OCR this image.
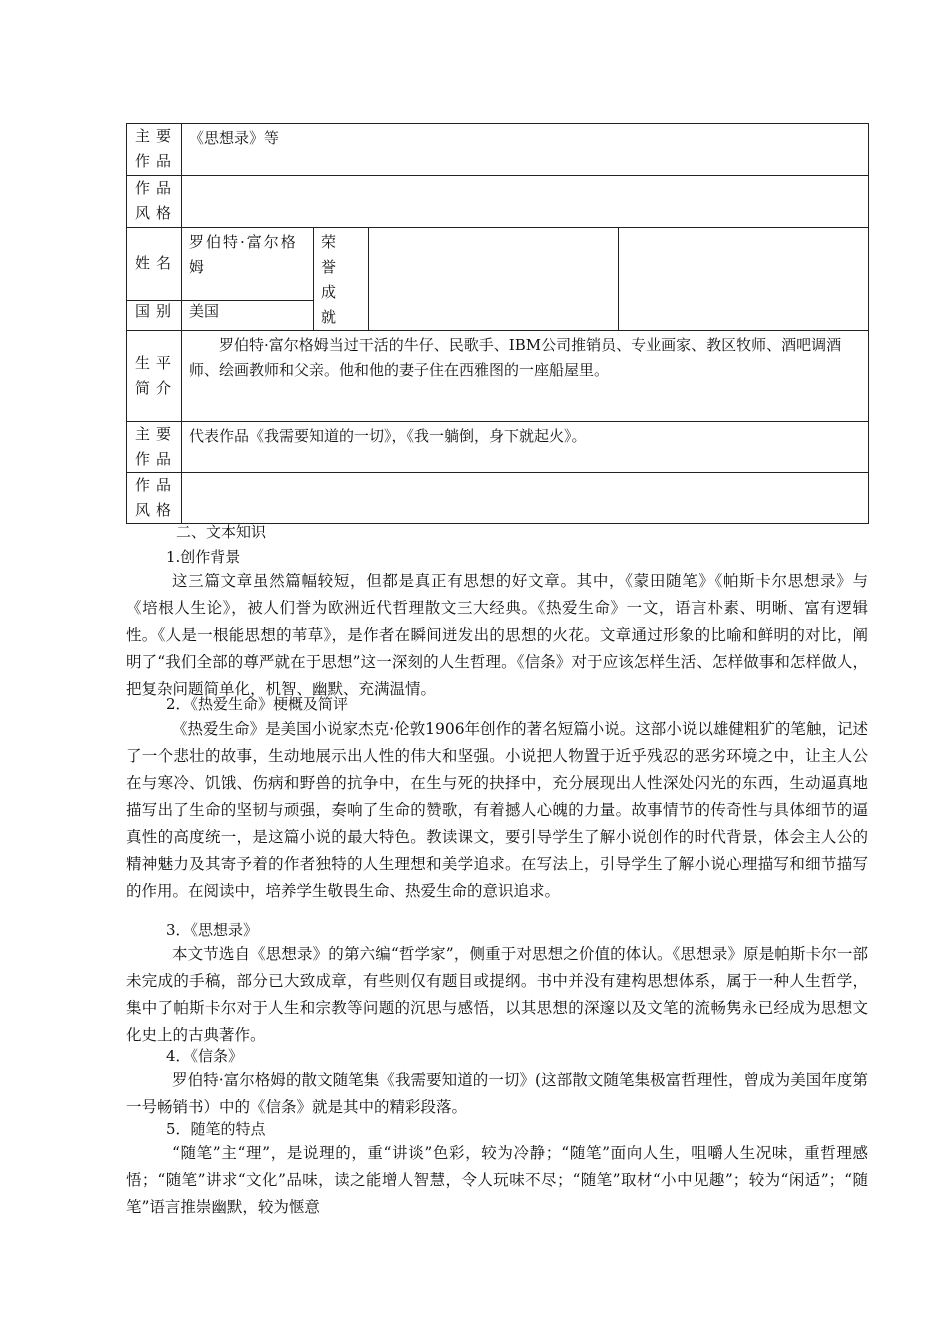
主要作品	《思想录》等			
作品风格				
姓名	罗伯特·富尔格姆	荣誉成就		
国别	美国			
生平简介	罗伯特·富尔格姆当过干活的牛仔、民歌手、IBM公司推销员、专业画家、教区牧师、酒吧调酒师、绘画教师和父亲。他和他的妻子住在西雅图的一座船屋里。			
主要作品	代表作品《我需要知道的一切》，《我一躺倒，身下就起火》。			
作品风格				
二、文本知识
1.创作背景
这三篇文章虽然篇幅较短，但都是真正有思想的好文章。其中，《蒙田随笔》《帕斯卡尔思想录》与《培根人生论》，被人们誉为欧洲近代哲理散文三大经典。《热爱生命》一文，语言朴素、明晰、富有逻辑性。《人是一根能思想的苇草》，是作者在瞬间迸发出的思想的火花。文章通过形象的比喻和鲜明的对比，阐明了“我们全部的尊严就在于思想”这一深刻的人生哲理。《信条》对于应该怎样生活、怎样做事和怎样做人，把复杂问题简单化，机智、幽默、充满温情。
2．《热爱生命》梗概及简评
《热爱生命》是美国小说家杰克·伦敦1906年创作的著名短篇小说。这部小说以雄健粗犷的笔触，记述了一个悲壮的故事，生动地展示出人性的伟大和坚强。小说把人物置于近乎残忍的恶劣环境之中，让主人公在与寒冷、饥饿、伤病和野兽的抗争中，在生与死的抉择中，充分展现出人性深处闪光的东西，生动逼真地描写出了生命的坚韧与顽强，奏响了生命的赞歌，有着撼人心魄的力量。故事情节的传奇性与具体细节的逼真性的高度统一，是这篇小说的最大特色。教读课文，要引导学生了解小说创作的时代背景，体会主人公的精神魅力及其寄予着的作者独特的人生理想和美学追求。在写法上，引导学生了解小说心理描写和细节描写的作用。在阅读中，培养学生敬畏生命、热爱生命的意识追求。
3．《思想录》
本文节选自《思想录》的第六编“哲学家”，侧重于对思想之价值的体认。《思想录》原是帕斯卡尔一部未完成的手稿，部分已大致成章，有些则仅有题目或提纲。书中并没有建构思想体系，属于一种人生哲学，集中了帕斯卡尔对于人生和宗教等问题的沉思与感悟，以其思想的深邃以及文笔的流畅隽永已经成为思想文化史上的古典著作。
4．《信条》
罗伯特·富尔格姆的散文随笔集《我需要知道的一切》(这部散文随笔集极富哲理性，曾成为美国年度第一号畅销书）中的《信条》就是其中的精彩段落。
5．随笔的特点
“随笔”主“理”，是说理的，重“讲谈”色彩，较为冷静；“随笔”面向人生，咀嚼人生况味，重哲理感悟；“随笔”讲求“文化”品味，读之能增人智慧，令人玩味不尽；“随笔”取材“小中见趣”；较为“闲适”；“随笔”语言推崇幽默，较为惬意
